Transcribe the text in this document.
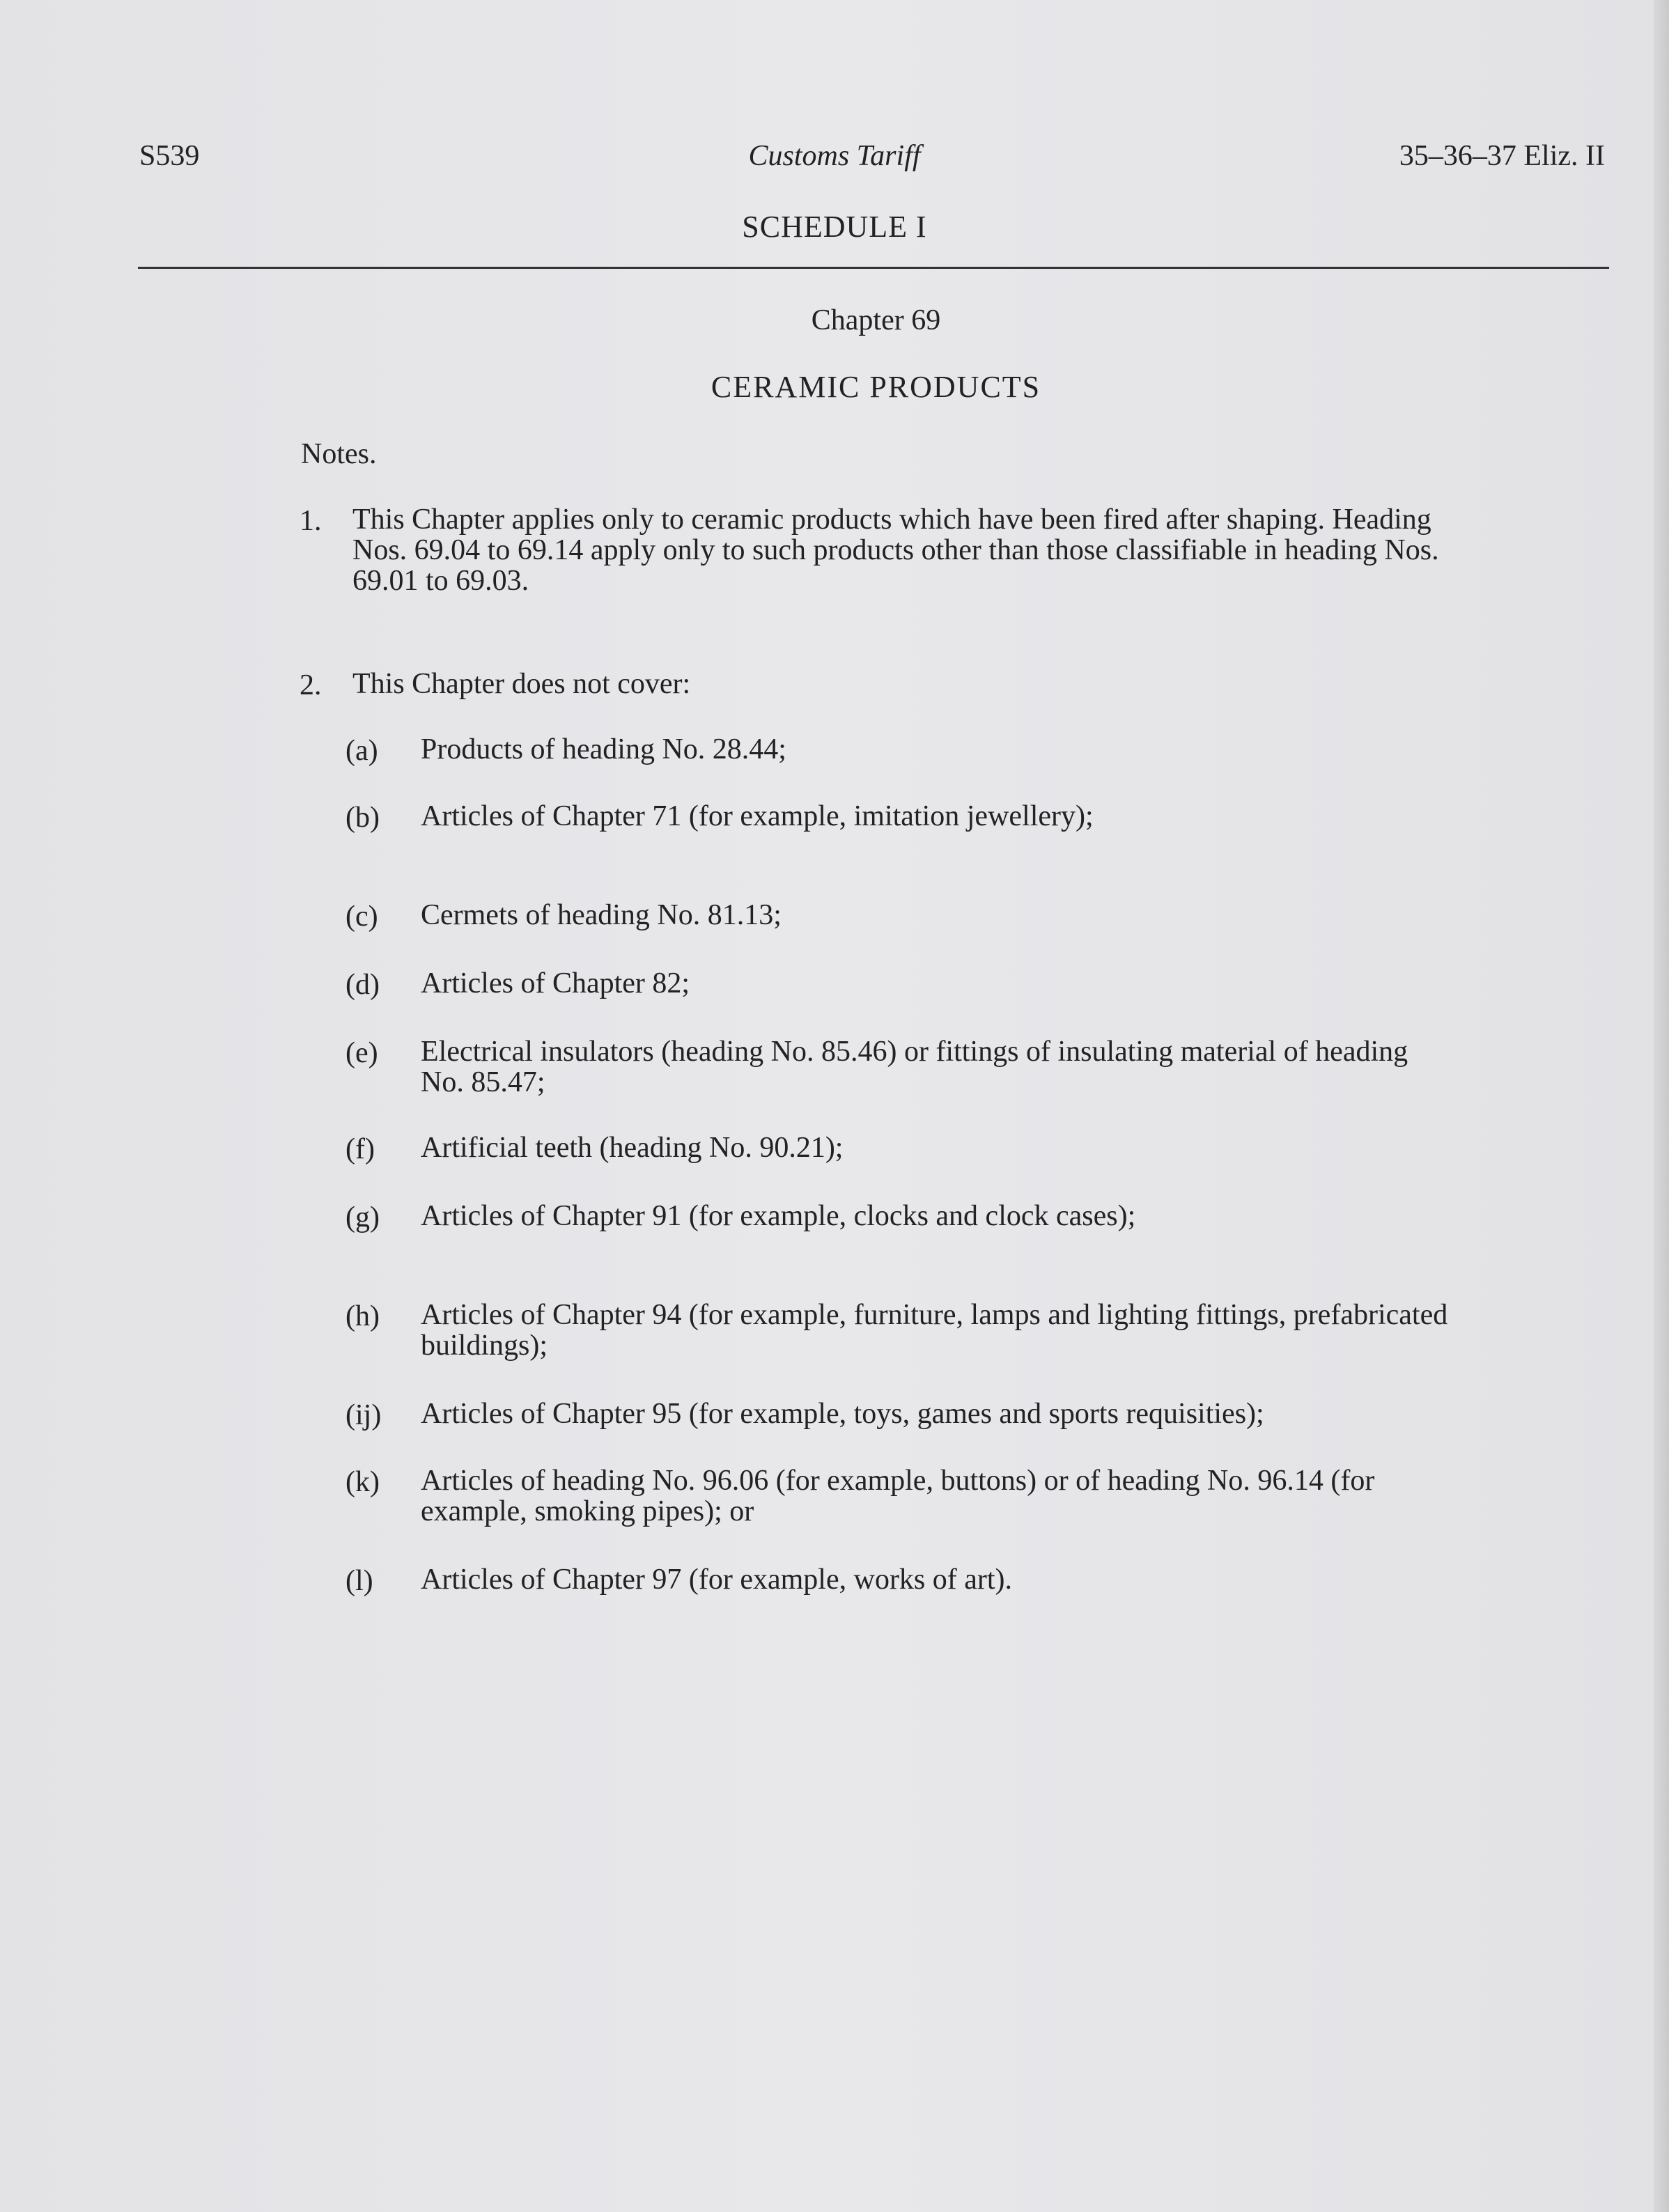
S539	Customs Tariff	35–36–37 Eliz. II
SCHEDULE I
Chapter 69
CERAMIC PRODUCTS
Notes.
1. This Chapter applies only to ceramic products which have been fired after shaping. Heading Nos. 69.04 to 69.14 apply only to such products other than those classifiable in heading Nos. 69.01 to 69.03.
2. This Chapter does not cover:
(a) Products of heading No. 28.44;
(b) Articles of Chapter 71 (for example, imitation jewellery);
(c) Cermets of heading No. 81.13;
(d) Articles of Chapter 82;
(e) Electrical insulators (heading No. 85.46) or fittings of insulating material of heading No. 85.47;
(f) Artificial teeth (heading No. 90.21);
(g) Articles of Chapter 91 (for example, clocks and clock cases);
(h) Articles of Chapter 94 (for example, furniture, lamps and lighting fittings, prefabricated buildings);
(ij) Articles of Chapter 95 (for example, toys, games and sports requisities);
(k) Articles of heading No. 96.06 (for example, buttons) or of heading No. 96.14 (for example, smoking pipes); or
(l) Articles of Chapter 97 (for example, works of art).
